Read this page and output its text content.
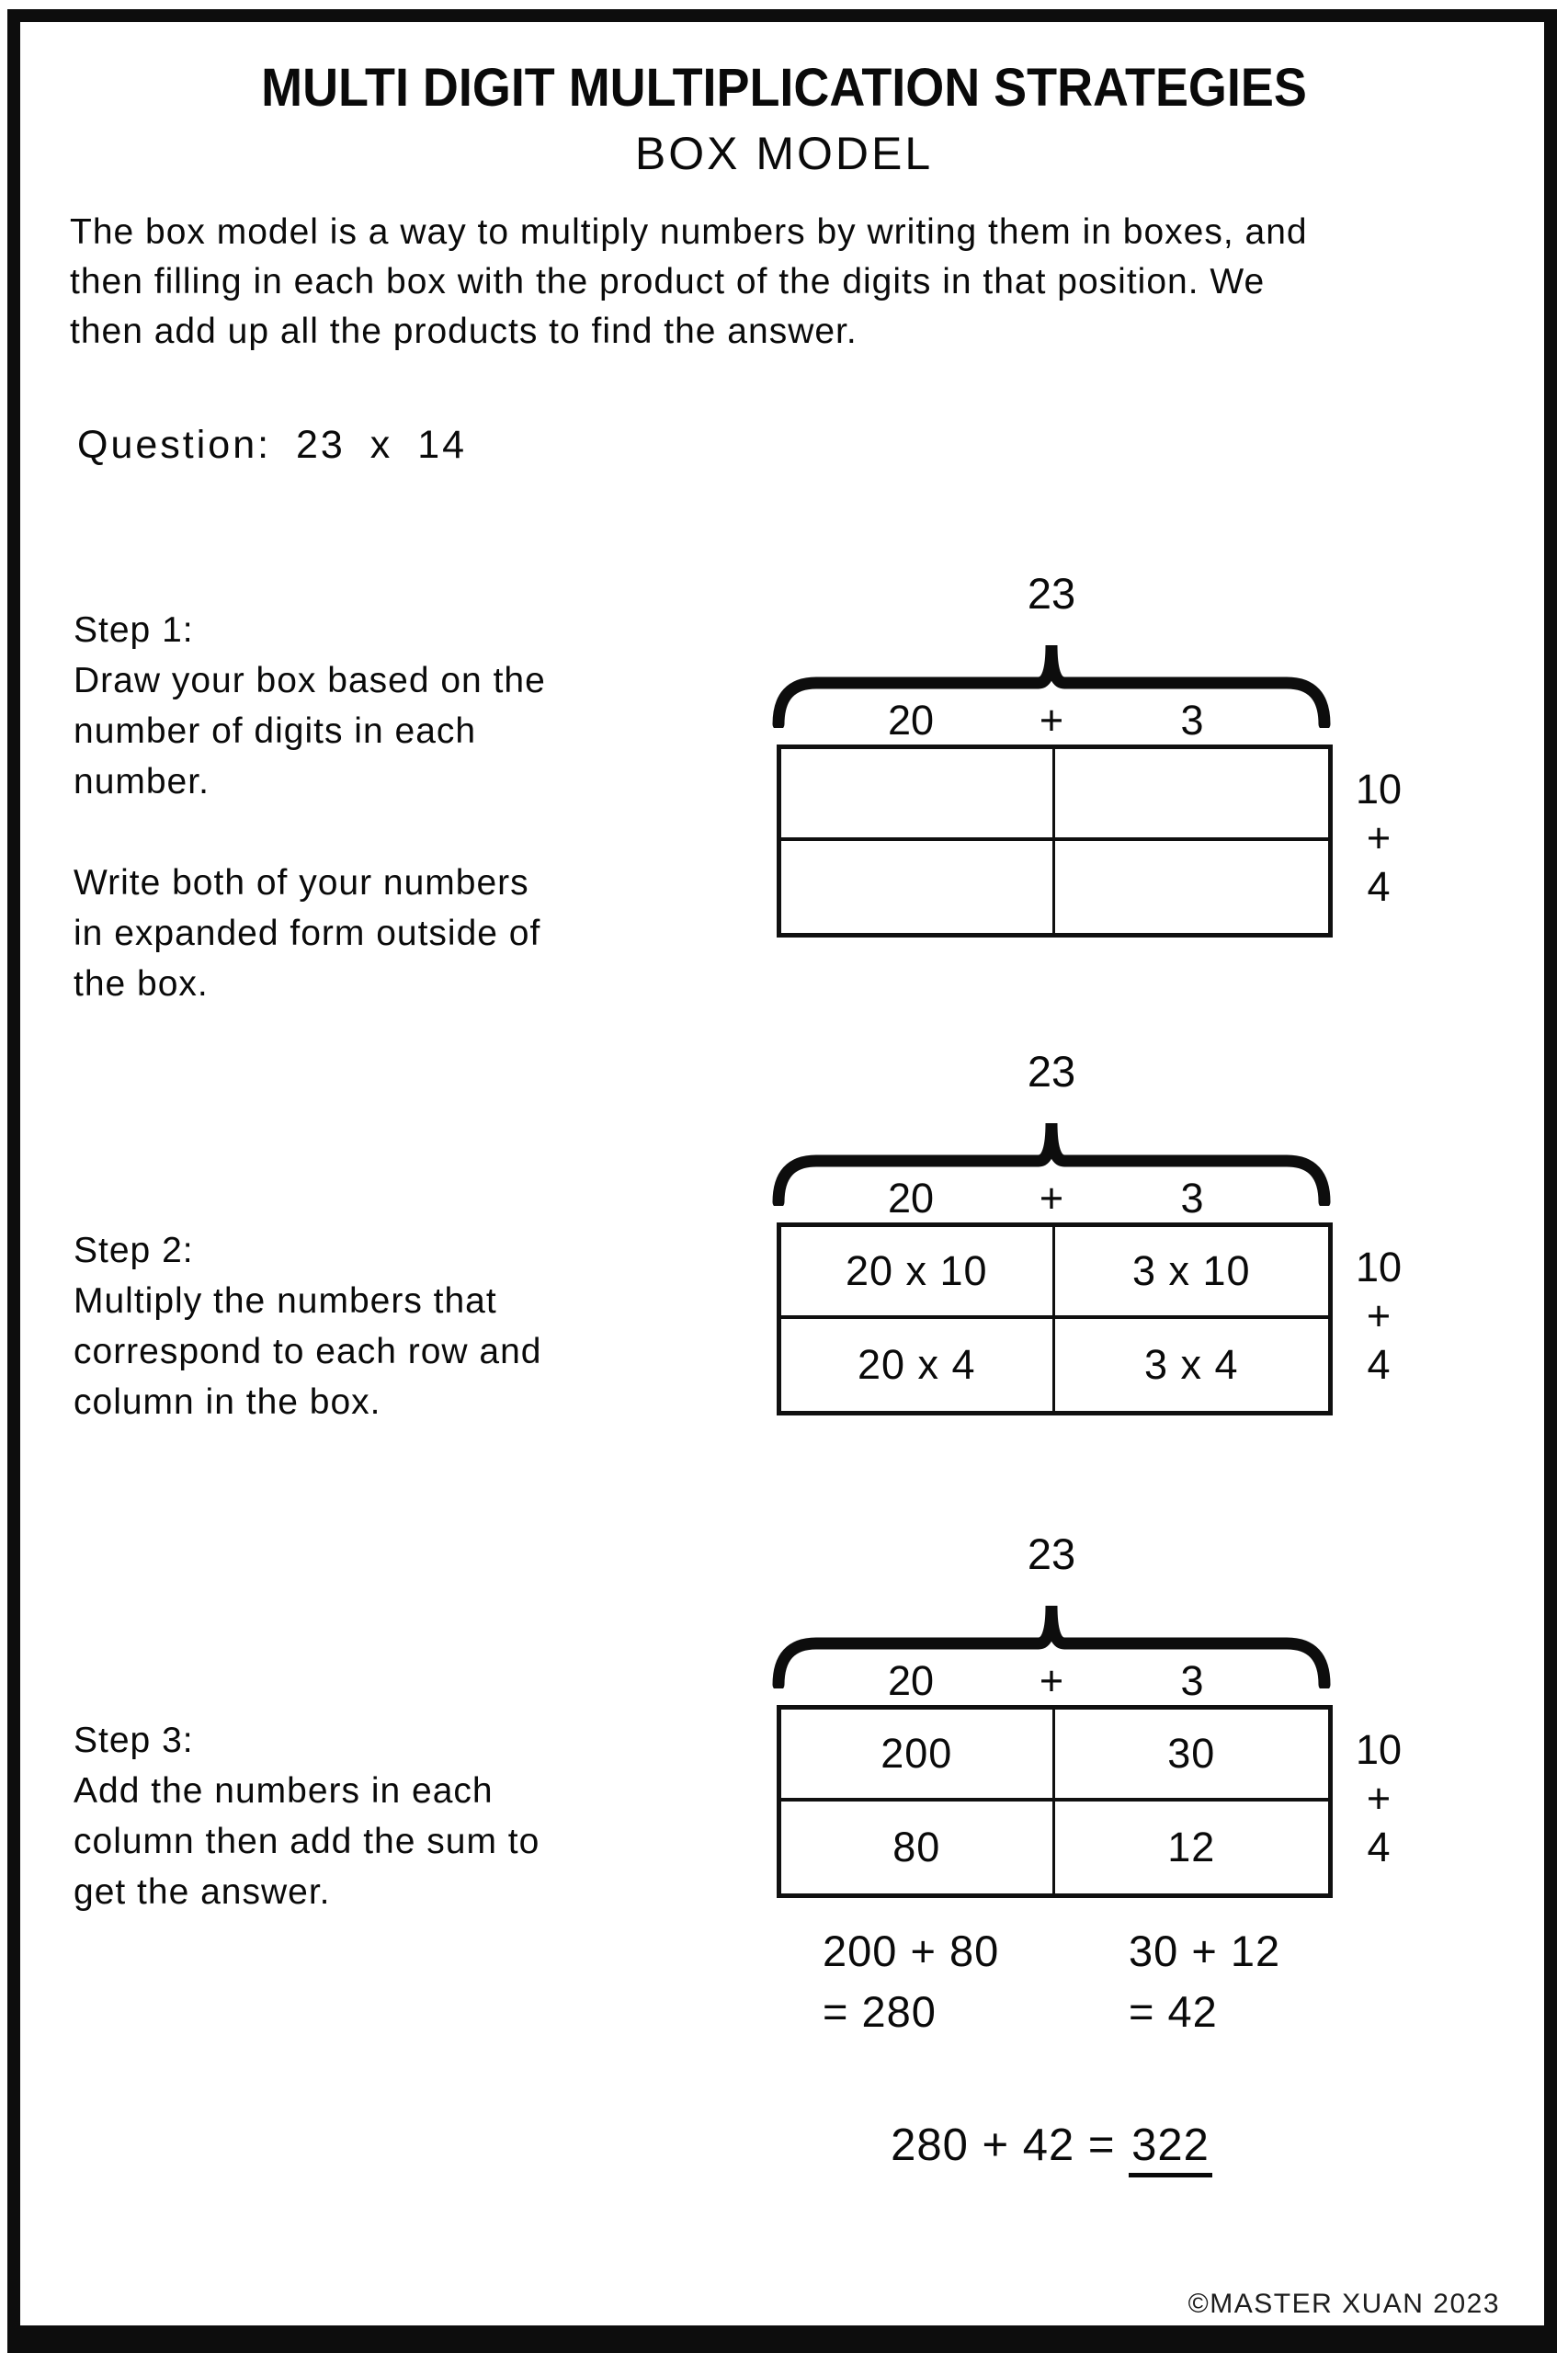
MULTI DIGIT MULTIPLICATION STRATEGIES
BOX MODEL
The box model is a way to multiply numbers by writing them in boxes, and
then filling in each box with the product of the digits in that position. We
then add up all the products to find the answer.
Question: 23 x 14
Step 1:
Draw your box based on the
number of digits in each
number.
Write both of your numbers
in expanded form outside of
the box.
Step 2:
Multiply the numbers that
correspond to each row and
column in the box.
Step 3:
Add the numbers in each
column then add the sum to
get the answer.
23
20	+	3
10
+
4
23
20	+	3
20 x 10	3 x 10
20 x 4	3 x 4
10
+
4
23
20	+	3
200	30
80	12
10
+
4
200 + 80
= 280
30 + 12
= 42
280 + 42 = 322
©MASTER XUAN 2023
